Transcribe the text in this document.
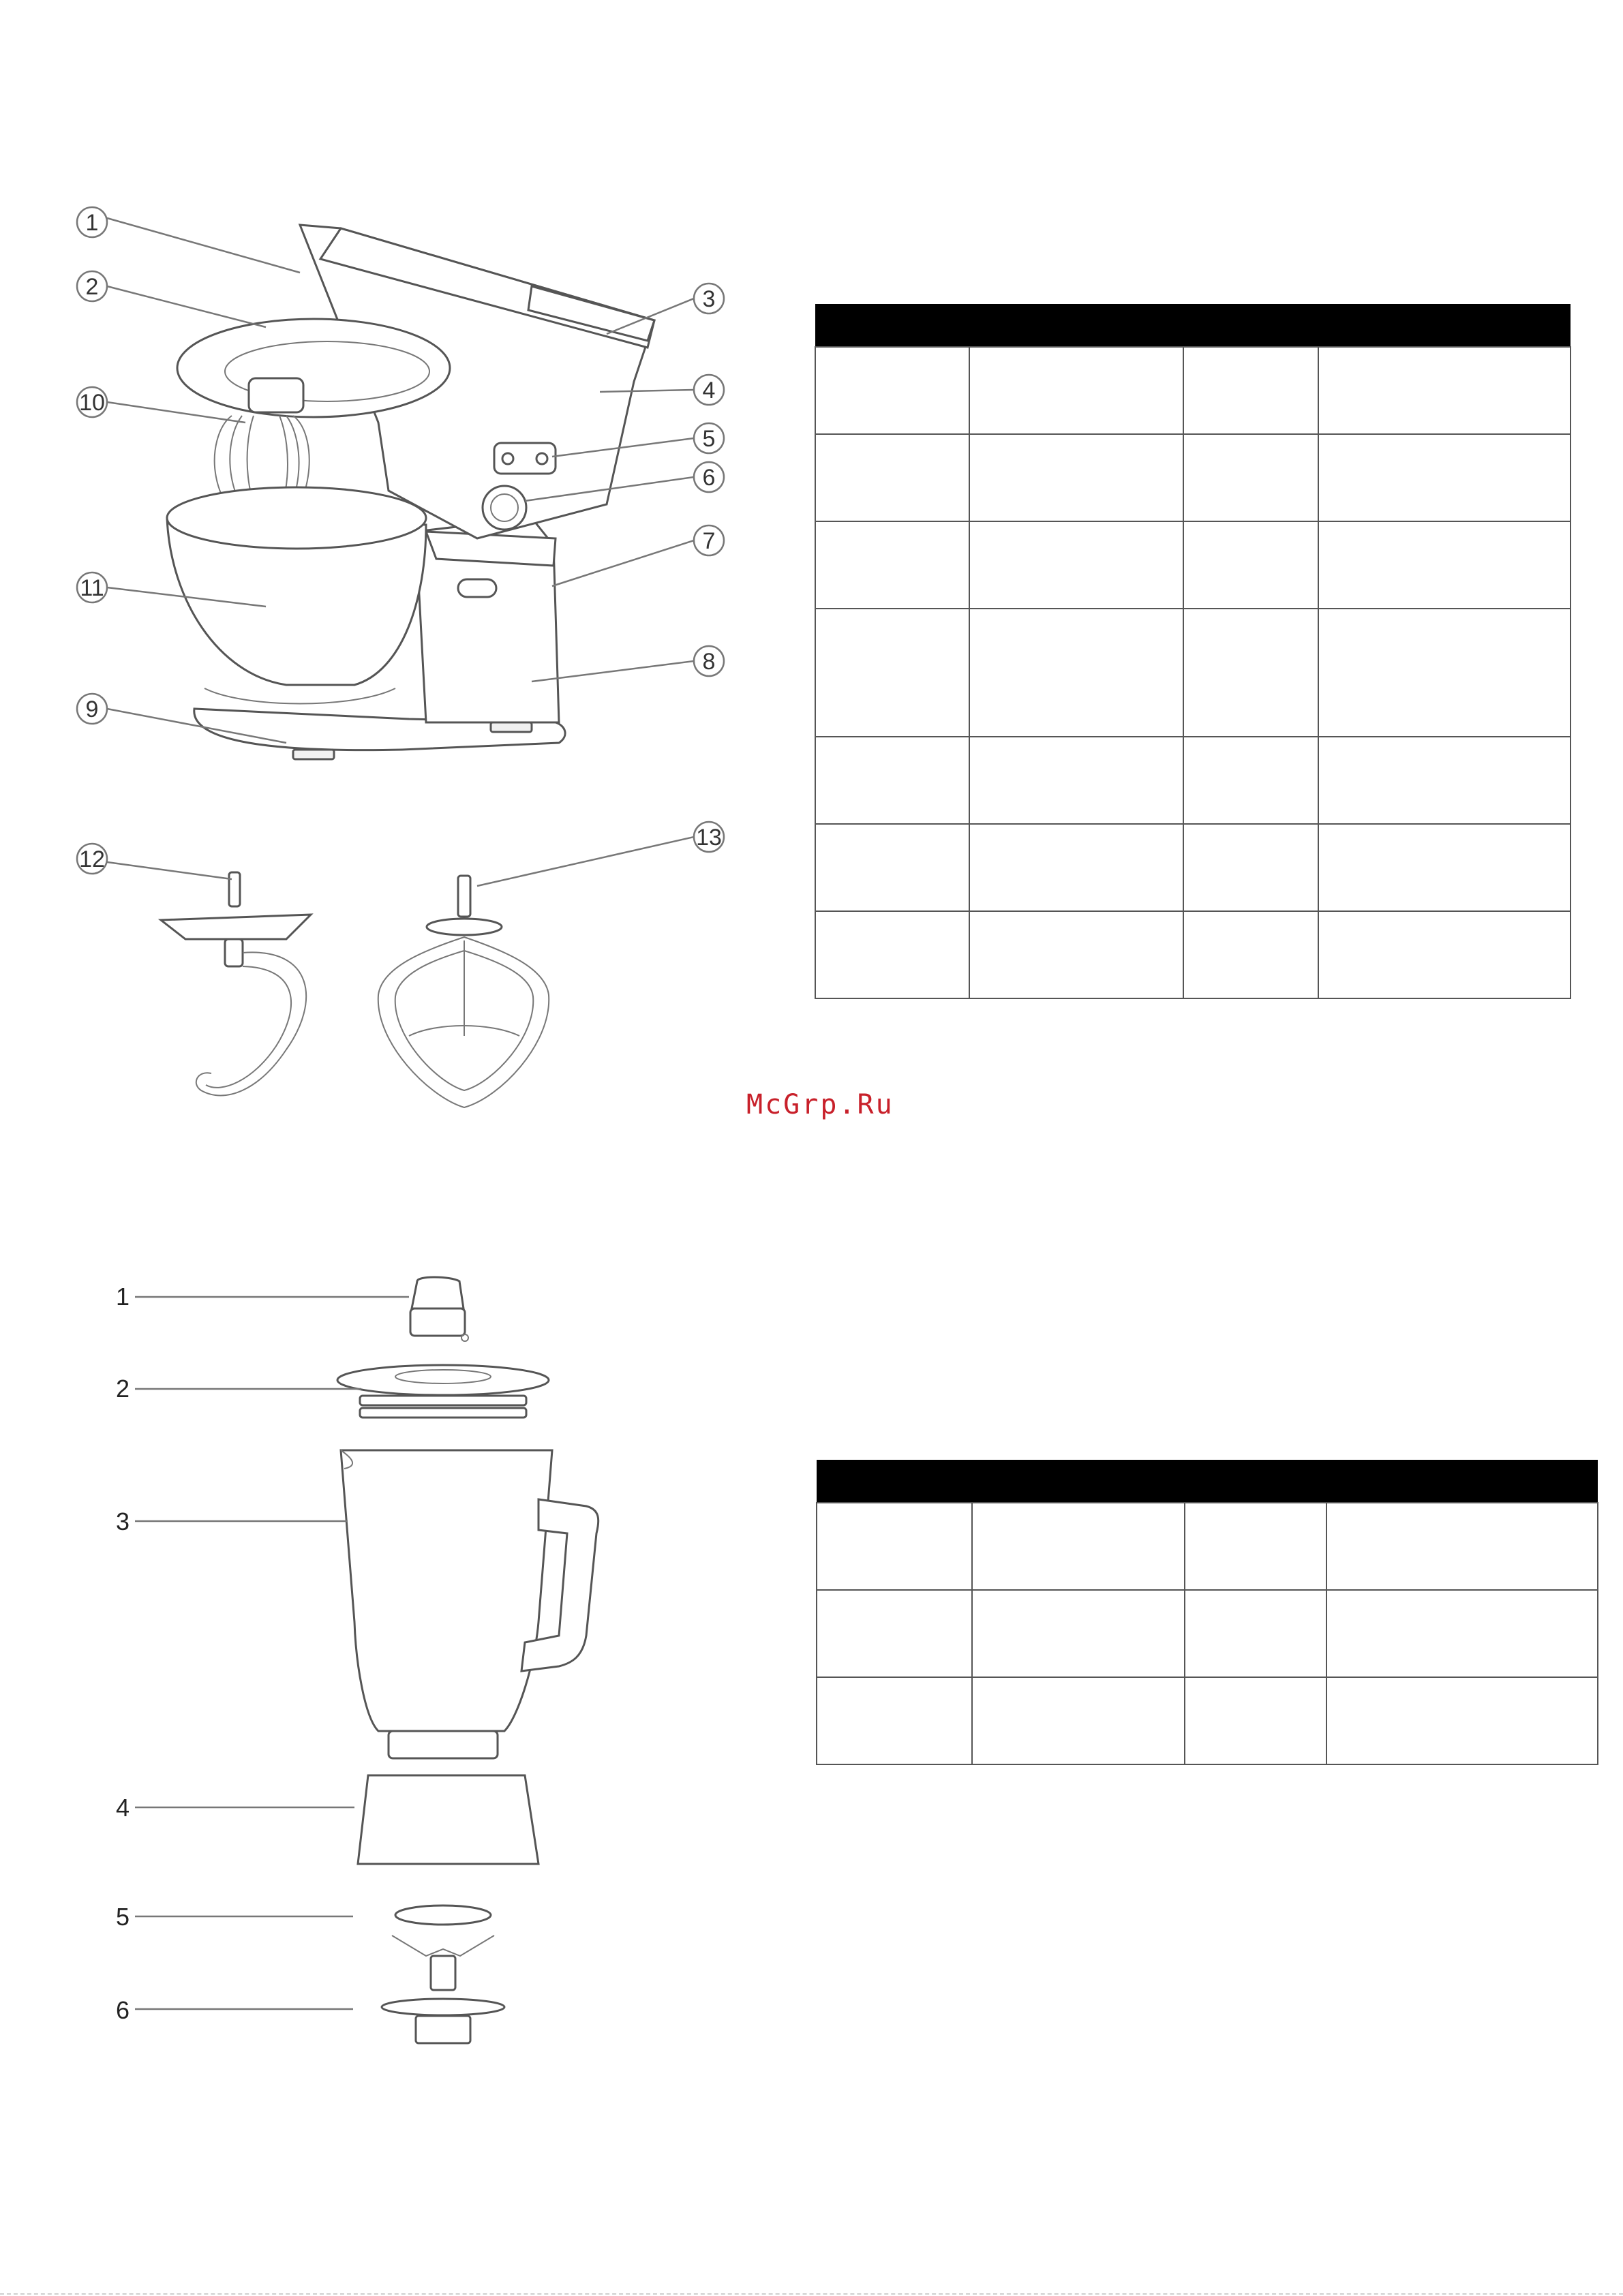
1
2	3
4
5
6
7
8
9
10
11
12
13
1
2
3
4
5
6

McGrp.Ru
